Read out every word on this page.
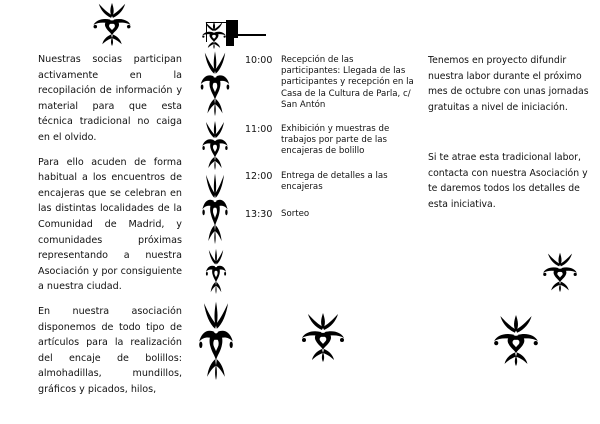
Nuestras socias participan activamente en la recopilación de información y material para que esta técnica tradicional no caiga en el olvido.

Para ello acuden de forma habitual a los encuentros de encajeras que se celebran en las distintas localidades de la Comunidad de Madrid, y comunidades próximas representando a nuestra Asociación y por consiguiente a nuestra ciudad.

En nuestra asociación disponemos de todo tipo de artículos para la realización del encaje de bolillos: almohadillas, mundillos, gráficos y picados, hilos,

10:00	Recepción de las participantes: Llegada de las participantes y recepción en la Casa de la Cultura de Parla, c/ San Antón
11:00	Exhibición y muestras de trabajos por parte de las encajeras de bolillo
12:00	Entrega de detalles a las encajeras
13:30	Sorteo

Tenemos en proyecto difundir nuestra labor durante el próximo mes de octubre con unas jornadas gratuitas a nivel de iniciación.

Si te atrae esta tradicional labor, contacta con nuestra Asociación y te daremos todos los detalles de esta iniciativa.
